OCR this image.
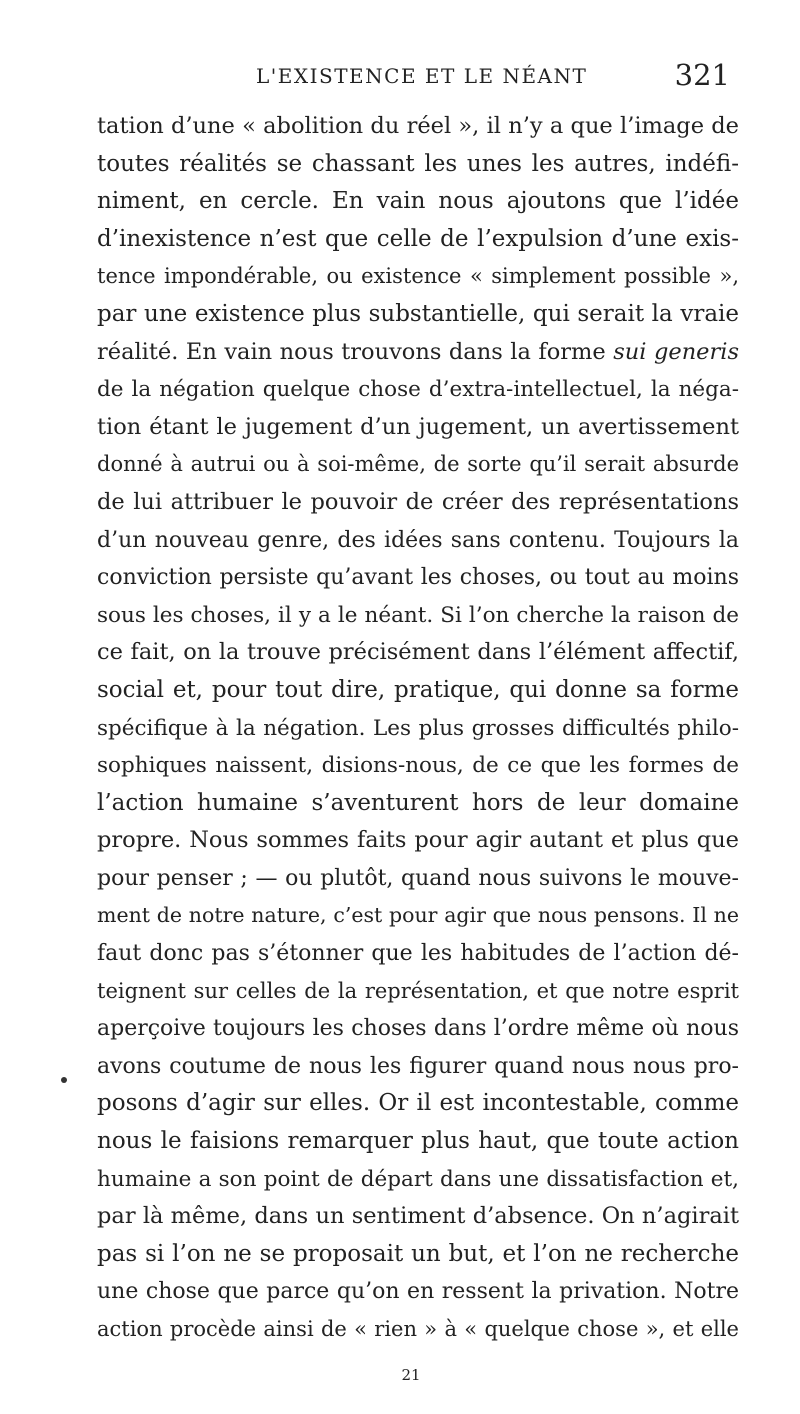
L'EXISTENCE ET LE NÉANT	321
tation d’une « abolition du réel », il n’y a que l’image de
toutes réalités se chassant les unes les autres, indéfi-
niment, en cercle. En vain nous ajoutons que l’idée
d’inexistence n’est que celle de l’expulsion d’une exis-
tence impondérable, ou existence « simplement possible »,
par une existence plus substantielle, qui serait la vraie
réalité. En vain nous trouvons dans la forme sui generis
de la négation quelque chose d’extra-intellectuel, la néga-
tion étant le jugement d’un jugement, un avertissement
donné à autrui ou à soi-même, de sorte qu’il serait absurde
de lui attribuer le pouvoir de créer des représentations
d’un nouveau genre, des idées sans contenu. Toujours la
conviction persiste qu’avant les choses, ou tout au moins
sous les choses, il y a le néant. Si l’on cherche la raison de
ce fait, on la trouve précisément dans l’élément affectif,
social et, pour tout dire, pratique, qui donne sa forme
spécifique à la négation. Les plus grosses difficultés philo-
sophiques naissent, disions-nous, de ce que les formes de
l’action humaine s’aventurent hors de leur domaine
propre. Nous sommes faits pour agir autant et plus que
pour penser ; — ou plutôt, quand nous suivons le mouve-
ment de notre nature, c’est pour agir que nous pensons. Il ne
faut donc pas s’étonner que les habitudes de l’action dé-
teignent sur celles de la représentation, et que notre esprit
aperçoive toujours les choses dans l’ordre même où nous
avons coutume de nous les figurer quand nous nous pro-
posons d’agir sur elles. Or il est incontestable, comme
nous le faisions remarquer plus haut, que toute action
humaine a son point de départ dans une dissatisfaction et,
par là même, dans un sentiment d’absence. On n’agirait
pas si l’on ne se proposait un but, et l’on ne recherche
une chose que parce qu’on en ressent la privation. Notre
action procède ainsi de « rien » à « quelque chose », et elle
21
